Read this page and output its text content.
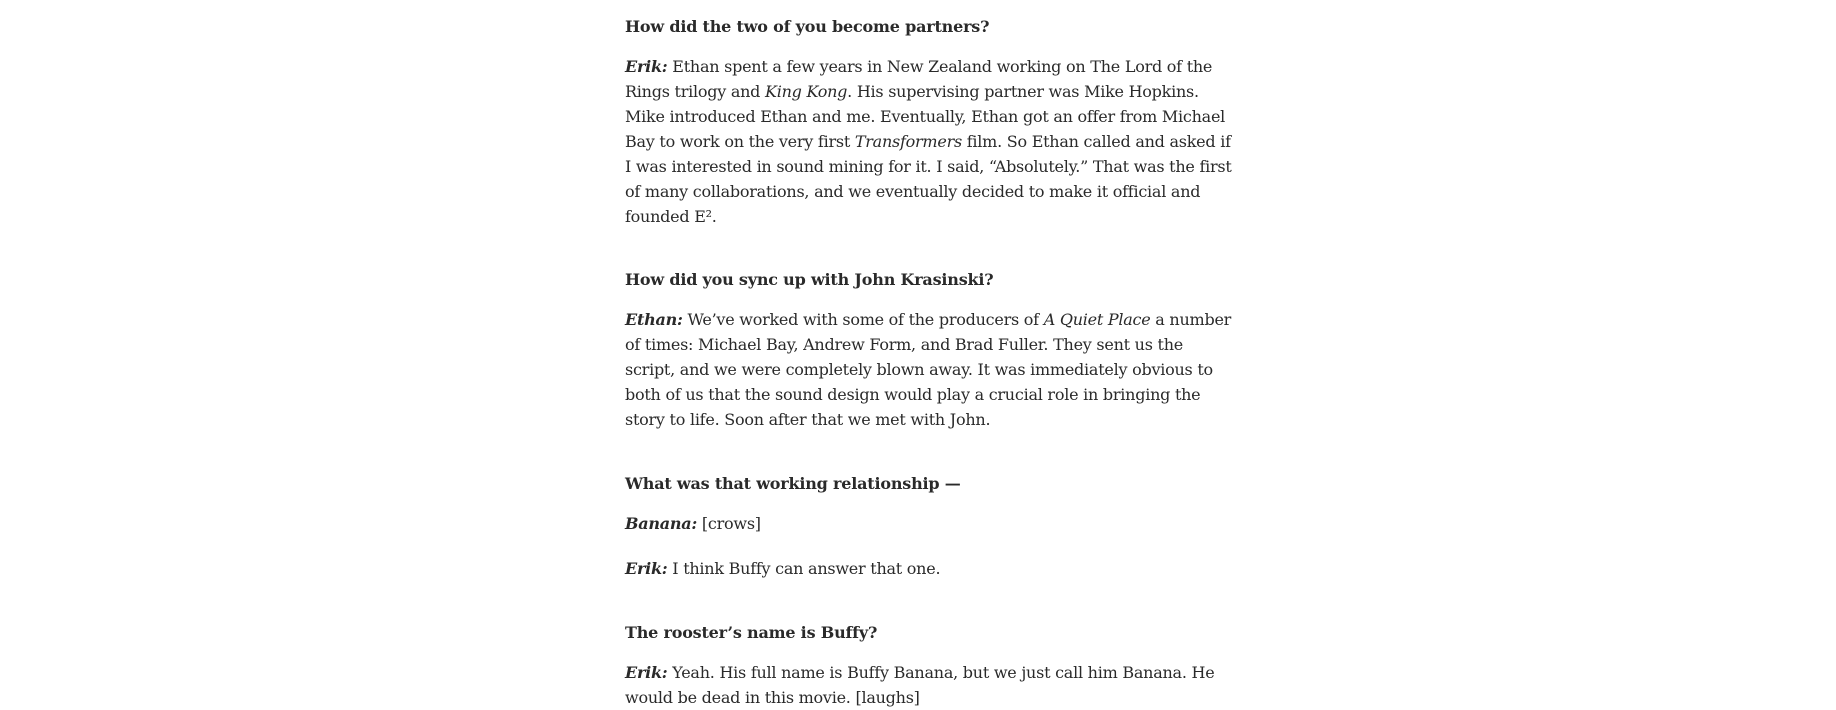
How did the two of you become partners?

Erik: Ethan spent a few years in New Zealand working on The Lord of the Rings trilogy and King Kong. His supervising partner was Mike Hopkins. Mike introduced Ethan and me. Eventually, Ethan got an offer from Michael Bay to work on the very first Transformers film. So Ethan called and asked if I was interested in sound mining for it. I said, “Absolutely.” That was the first of many collaborations, and we eventually decided to make it official and founded E².

How did you sync up with John Krasinski?

Ethan: We’ve worked with some of the producers of A Quiet Place a number of times: Michael Bay, Andrew Form, and Brad Fuller. They sent us the script, and we were completely blown away. It was immediately obvious to both of us that the sound design would play a crucial role in bringing the story to life. Soon after that we met with John.

What was that working relationship —

Banana: [crows]

Erik: I think Buffy can answer that one.

The rooster’s name is Buffy?

Erik: Yeah. His full name is Buffy Banana, but we just call him Banana. He would be dead in this movie. [laughs]
